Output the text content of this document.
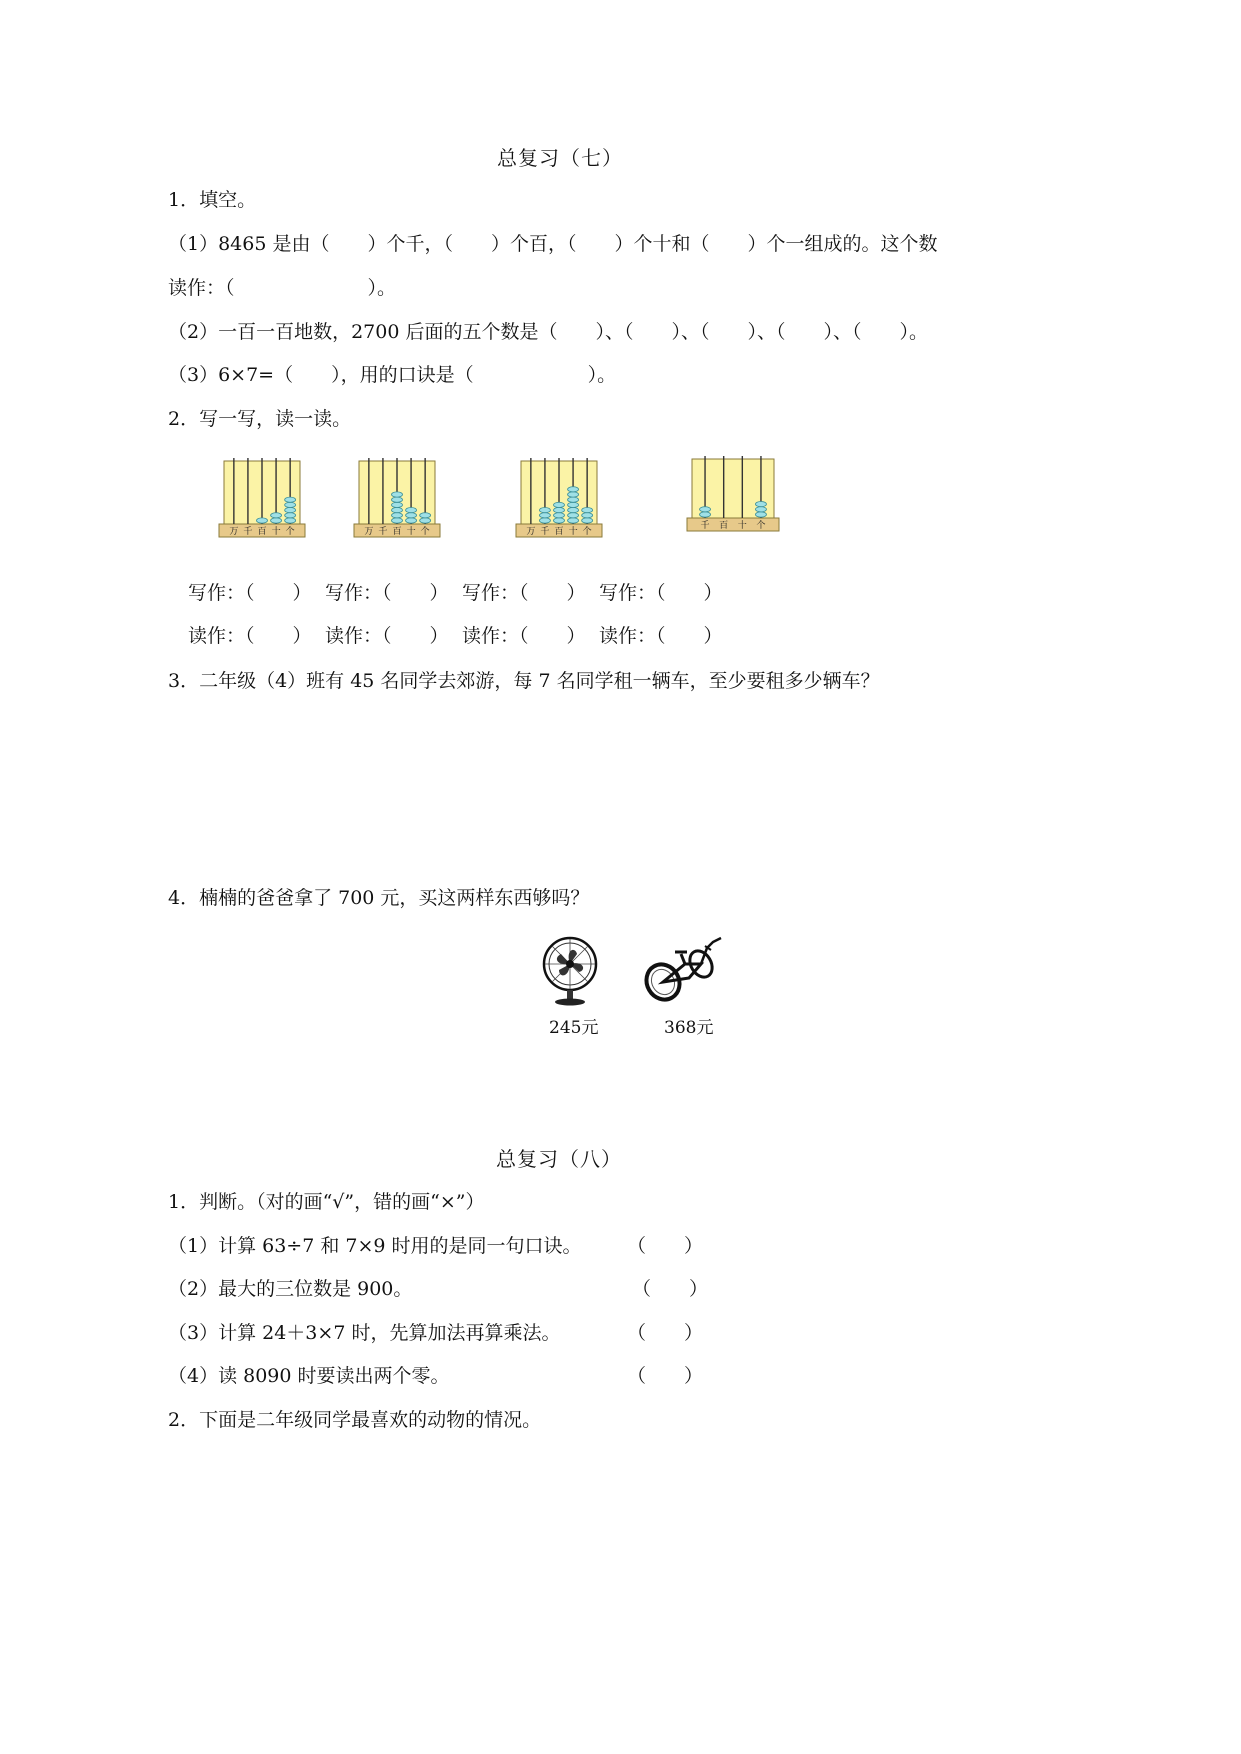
总复习（七）
1．填空。
（1）8465 是由（　　）个千，（　　）个百，（　　）个十和（　　）个一组成的。这个数
读作：（　　　　　　　）。
（2）一百一百地数，2700 后面的五个数是（　　）、（　　）、（　　）、（　　）、（　　）。
（3）6×7=（　　），用的口诀是（　　　　　　）。
2．写一写，读一读。
万 千 百 十 个	万 千 百 十 个	万 千 百 十 个
千 百 十 个
写作：（　　） 写作：（　　） 写作：（　　） 写作：（　　）
读作：（　　） 读作：（　　） 读作：（　　） 读作：（　　）
3．二年级（4）班有 45 名同学去郊游，每 7 名同学租一辆车，至少要租多少辆车？
4．楠楠的爸爸拿了 700 元，买这两样东西够吗？
245元	368元
总复习（八）
1．判断。（对的画“√”，错的画“×”）
（1）计算 63÷7 和 7×9 时用的是同一句口诀。 （　　）
（2）最大的三位数是 900。	（　　）
（3）计算 24＋3×7 时，先算加法再算乘法。	（　　）
（4）读 8090 时要读出两个零。	（　　）
2．下面是二年级同学最喜欢的动物的情况。
